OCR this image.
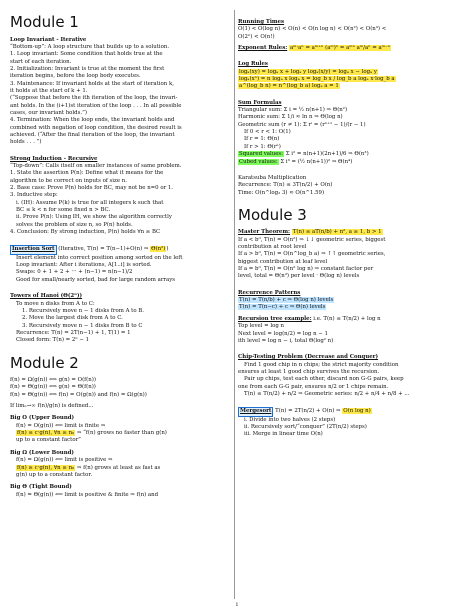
Module 1
Loop Invariant - Iterative

“Bottom-up”: A loop structure that builds up to a solution.

1. Loop invariant: Some condition that holds true at the

start of each iteration.

2. Initialization: Invariant is true at the moment the first

iteration begins, before the loop body executes.

3. Maintenance: If invariant holds at the start of iteration k,

it holds at the start of k + 1.

(“Suppose that before the ith iteration of the loop, the invari-

ant holds. In the (i+1)st iteration of the loop . . . In all possible

cases, our invariant holds.”)

4. Termination: When the loop ends, the invariant holds and

combined with negation of loop condition, the desired result is

achieved. (“After the final iteration of the loop, the invariant

holds . . . ”)

Strong Induction - Recursive

“Top-down”: Calls itself on smaller instances of same problem.

1. State the assertion P(n): Define what it means for the

algorithm to be correct on inputs of size n.

2. Base case: Prove P(n) holds for BC, may not be n=0 or 1.

3. Inductive step:

i. (IH): Assume P(k) is true for all integers k such that

BC ≤ k < n for some fixed n > BC.

ii. Prove P(n): Using IH, we show the algorithm correctly

solves the problem of size n, so P(n) holds.

4. Conclusion: By strong induction, P(n) holds ∀n ≥ BC

Insertion Sort (Iterative, T(n) = T(n−1)+O(n) ⇒ Θ(n²))

Insert element into correct position among sorted on the left

Loop invariant: After i iterations, A[1..i] is sorted.

Swaps: 0 + 1 + 2 + ··· + (n−1) = n(n−1)/2

Good for small/nearly sorted, bad for large random arrays

Towers of Hanoi (Θ(2ⁿ))

To move n disks from A to C:

1. Recursively move n − 1 disks from A to B.

2. Move the largest disk from A to C.

3. Recursively move n − 1 disks from B to C

Recurrence: T(n) = 2T(n−1) + 1, T(1) = 1

Closed form: T(n) = 2ⁿ − 1

Module 2

f(n) = Ω(g(n)) ⟺ g(n) = O(f(n))

f(n) = Θ(g(n)) ⟺ g(n) = Θ(f(n))

f(n) = Θ(g(n)) ⟺ f(n) = O(g(n)) and f(n) = Ω(g(n))

If limₙ→∞ f(n)/g(n) is defined...

Big O (Upper Bound)

f(n) = O(g(n)) ⟸ limit is finite ⇒

f(n) ≤ c·g(n), ∀n ≥ n₀ ⇒ “f(n) grows no faster than g(n)

up to a constant factor”

Big Ω (Lower Bound)

f(n) = Ω(g(n)) ⟸ limit is positive ⇒

f(n) ≥ c·g(n), ∀n ≥ n₀ ⇒ f(n) grows at least as fast as

g(n) up to a constant factor.

Big Θ (Tight Bound)

f(n) = Θ(g(n)) ⟸ limit is positive & finite ⇒ f(n) and

Running Times

O(1) < O(log n) < O(n) < O(n log n) < O(n²) < O(n³) <

O(2ⁿ) < O(n!)

Exponent Rules: aᵐ·aⁿ = aᵐ⁺ⁿ (aᵐ)ⁿ = aᵐⁿ aᵐ/aⁿ = aᵐ⁻ⁿ

Log Rules

logₐ(xy) = logₐ x + logₐ y logₐ(x/y) = logₐ x − logₐ y

logₐ(xⁿ) = n logₐ x logₐ x = log_b x / log_b a logₐ x·log_b a

a^(log_b n) = n^(log_b a) logₐ a = 1

Sum Formulas

Triangular sum: Σ i = ½ n(n+1) ⇒ Θ(n²)

Harmonic sum: Σ 1/i ≈ ln n ⇒ Θ(log n)

Geometric sum (r ≠ 1): Σ rⁱ = (rⁿ⁺¹ − 1)/(r − 1)

If 0 < r < 1: O(1)

If r = 1: Θ(n)

If r > 1: Θ(rⁿ)

Squared values: Σ i² = n(n+1)(2n+1)/6 ⇒ Θ(n³)

Cubed values: Σ i³ = (½ n(n+1))² ⇒ Θ(n⁴)

Karatsuba Multiplication

Recurrence: T(n) ≤ 3T(n/2) + O(n)

Time: O(n^log₂ 3) ≈ O(n^1.59)

Module 3

Master Theorem: T(n) ≤ aT(n/b) + nᵈ, a ≥ 1, b > 1

If a < bᵈ, T(n) = O(nᵈ) ⇒ ↓↓ geometric series, biggest

contribution at root level

If a > bᵈ, T(n) = O(n^log_b a) ⇒ ↑↑ geometric series,

biggest contribution at leaf level

If a = bᵈ, T(n) = O(nᵈ log n) ⇒ constant factor per

level, total = Θ(nᵈ) per level · Θ(log n) levels

Recurrence Patterns

T(n) = T(n/b) + c ⇒ Θ(log n) levels

T(n) = T(n−c) + c ⇒ Θ(n) levels

Recursion tree example: i.e. T(n) ≤ T(n/2) + log n

Top level = log n

Next level = log(n/2) = log n − 1

ith level = log n − i, total Θ(log² n)

Chip-Testing Problem (Decrease and Conquer)

Find 1 good chip in n chips; the strict majority condition

ensures at least 1 good chip survives the recursion.

Pair up chips, test each other, discard non G-G pairs, keep

one from each G-G pair, ensures n/2 or 1 chips remain.

T(n) ≤ T(n/2) + n/2 ⇒ Geometric series: n/2 + n/4 + n/8 + ...

Mergesort T(n) = 2T(n/2) + O(n) ⇒ O(n log n)

i. Divide into two halves (2 steps)

ii. Recursively sort/“conquer” (2T(n/2) steps)

iii. Merge in linear time O(n)

1
